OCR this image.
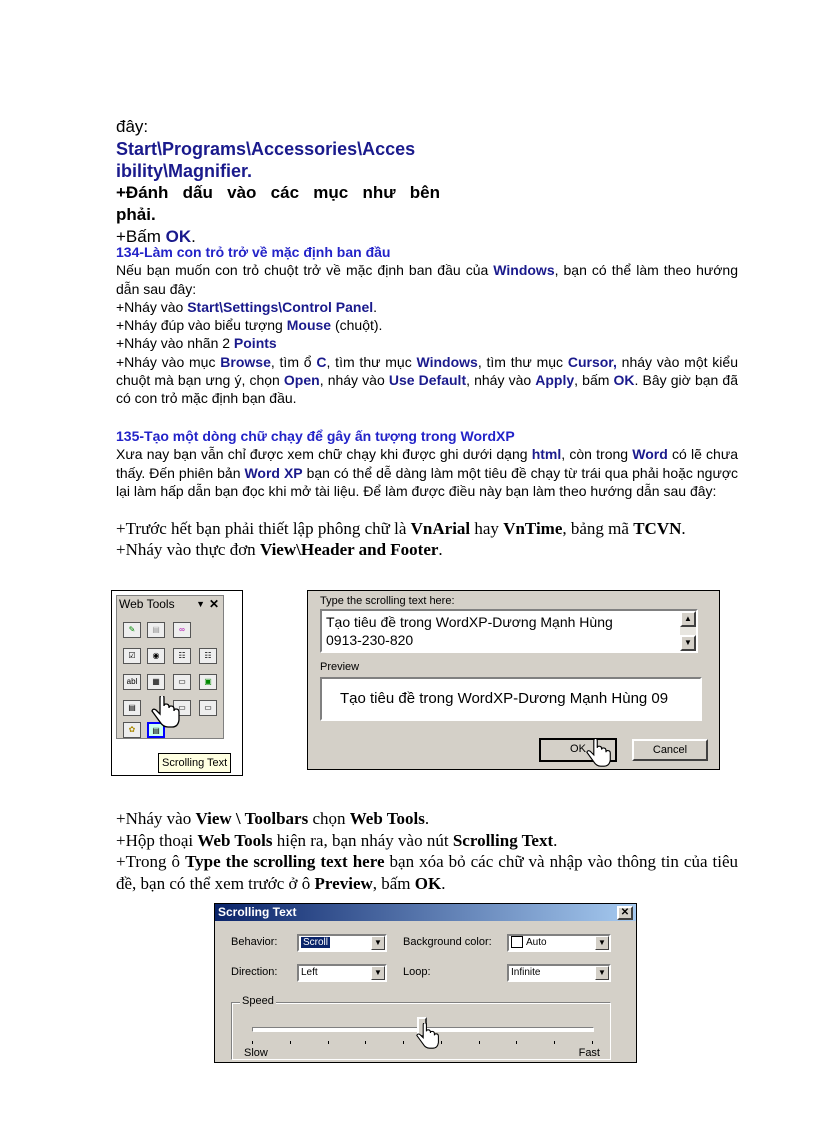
đây:

Start\Programs\Accessories\Acces

ibility\Magnifier.

+Đánh dấu vào các mục như bên

phải.

+Bấm OK.

134-Làm con trỏ trở về mặc định ban đầu

Nếu bạn muốn con trỏ chuột trở về mặc định ban đầu của Windows, bạn có thể làm theo hướng dẫn sau đây:

+Nháy vào Start\Settings\Control Panel.

+Nháy đúp vào biểu tượng Mouse (chuột).

+Nháy vào nhãn 2 Points

+Nháy vào mục Browse, tìm ổ C, tìm thư mục Windows, tìm thư mục Cursor, nháy vào một kiểu chuột mà bạn ưng ý, chọn Open, nháy vào Use Default, nháy vào Apply, bấm OK. Bây giờ bạn đã có con trỏ mặc định bạn đầu.

135-Tạo một dòng chữ chạy để gây ấn tượng trong WordXP

Xưa nay bạn vẫn chỉ được xem chữ chạy khi được ghi dưới dạng html, còn trong Word có lẽ chưa thấy. Đến phiên bản Word XP bạn có thể dễ dàng làm một tiêu đề chạy từ trái qua phải hoặc ngược lại làm hấp dẫn bạn đọc khi mở tài liệu. Để làm được điều này bạn làm theo hướng dẫn sau đây:

+Trước hết bạn phải thiết lập phông chữ là VnArial hay VnTime, bảng mã TCVN.

+Nháy vào thực đơn View\Header and Footer.

Web Tools ▼ ✕
✎	▤	∞
☑	◉	☷	☷
abl	▦	▭	▣
▤	▭	▭
✿	▤
Scrolling Text
Type the scrolling text here:
Tạo tiêu đề trong WordXP-Dương Mạnh Hùng
0913-230-820
▲
▼
Preview
Tạo tiêu đề trong WordXP-Dương Mạnh Hùng 09
OK	Cancel

+Nháy vào View \ Toolbars chọn Web Tools.

+Hộp thoại Web Tools hiện ra, bạn nháy vào nút Scrolling Text.

+Trong ô Type the scrolling text here bạn xóa bỏ các chữ và nhập vào thông tin của tiêu đề, bạn có thể xem trước ở ô Preview, bấm OK.

Scrolling Text	✕
Behavior:	Scroll	▼ Background color:	Auto	▼
Direction:	Left	▼ Loop:	Infinite	▼
Speed
Slow	Fast
